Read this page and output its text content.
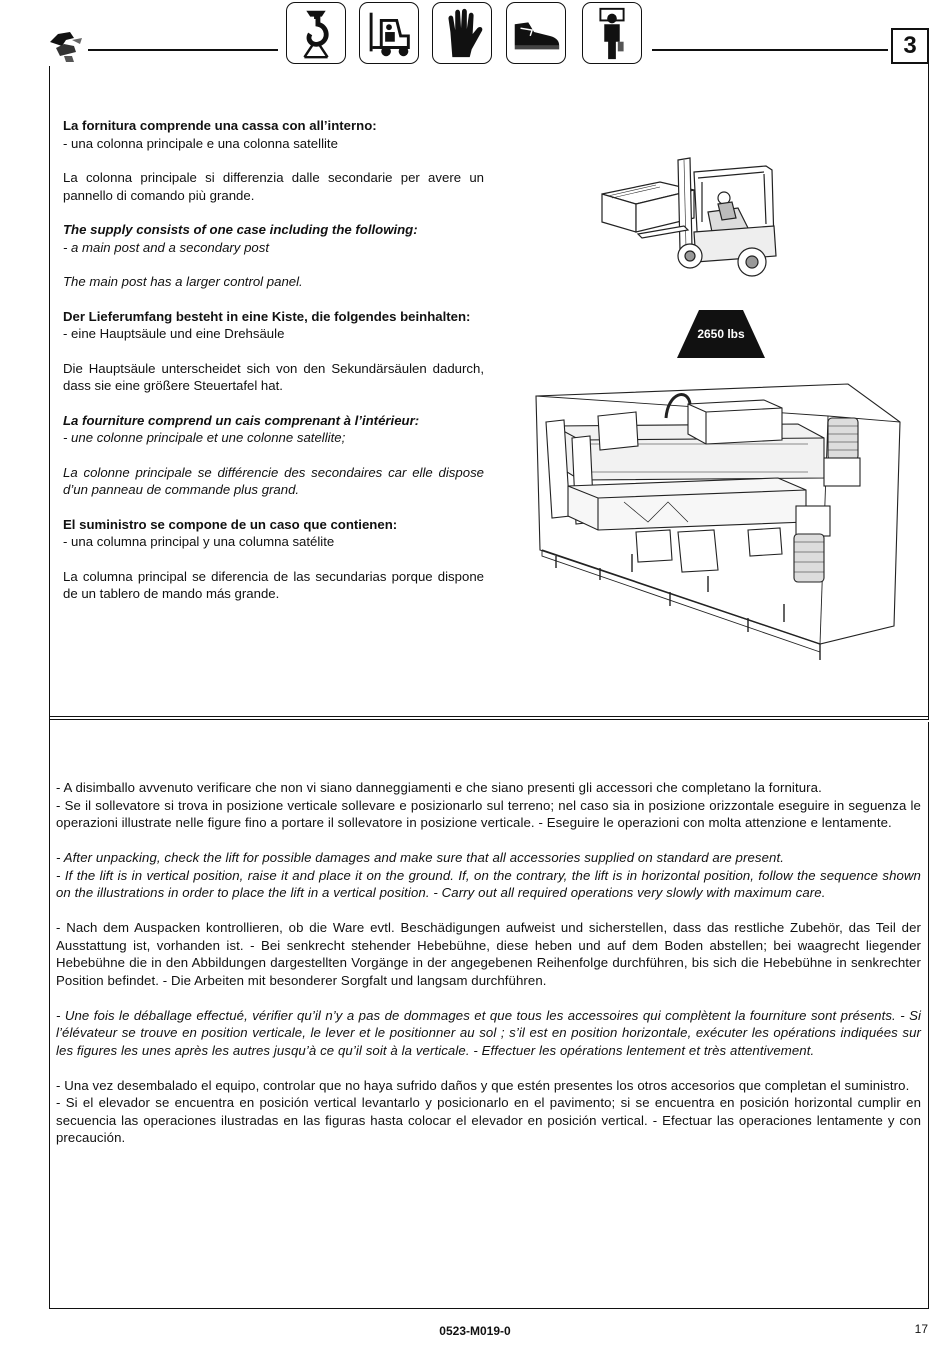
3

La fornitura comprende una cassa con all’interno:
- una colonna principale e una colonna satellite

La colonna principale si differenzia dalle secondarie per avere un pannello di comando più grande.

The supply consists of one case including the following:
- a main post and a secondary post

The main post has a larger control panel.

Der Lieferumfang besteht in eine Kiste, die folgendes beinhalten:
- eine Hauptsäule und eine Drehsäule

Die Hauptsäule unterscheidet sich von den Sekundärsäulen dadurch, dass sie eine größere Steuertafel hat.

La fourniture comprend un cais comprenant à l’intérieur:
- une colonne principale et une colonne satellite;

La colonne principale se différencie des secondaires car elle dispose d’un panneau de commande plus grand.

El suministro se compone de un caso que contienen:
- una columna principal y una columna satélite

La columna principal se diferencia de las secundarias porque dispone de un tablero de mando más grande.

2650 lbs

- A disimballo avvenuto verificare che non vi siano danneggiamenti e che siano presenti gli accessori che completano la fornitura.
- Se il sollevatore si trova in posizione verticale sollevare e posizionarlo sul terreno; nel caso sia in posizione orizzontale eseguire in seguenza le operazioni illustrate nelle figure fino a portare il sollevatore in posizione verticale. - Eseguire le operazioni con molta attenzione e lentamente.

- After unpacking, check the lift for possible damages and make sure that all accessories supplied on standard are present.
- If the lift is in vertical position, raise it and place it on the ground. If, on the contrary, the lift is in horizontal position, follow the sequence shown on the illustrations in order to place the lift in a vertical position. - Carry out all required operations very slowly with maximum care.

- Nach dem Auspacken kontrollieren, ob die Ware evtl. Beschädigungen aufweist und sicherstellen, dass das restliche Zubehör, das Teil der Ausstattung ist, vorhanden ist. - Bei senkrecht stehender Hebebühne, diese heben und auf dem Boden abstellen; bei waagrecht liegender Hebebühne die in den Abbildungen dargestellten Vorgänge in der angegebenen Reihenfolge durchführen, bis sich die Hebebühne in senkrechter Position befindet. - Die Arbeiten mit besonderer Sorgfalt und langsam durchführen.

- Une fois le déballage effectué, vérifier qu’il n’y a pas de dommages et que tous les accessoires qui complètent la fourniture sont présents. - Si l’élévateur se trouve en position verticale, le lever et le positionner au sol ; s’il est en position horizontale, exécuter les opérations indiquées sur les figures les unes après les autres jusqu’à ce qu’il soit à la verticale. - Effectuer les opérations lentement et très attentivement.

- Una vez desembalado el equipo, controlar que no haya sufrido daños y que estén presentes los otros accesorios que completan el suministro.
- Si el elevador se encuentra en posición vertical levantarlo y posicionarlo en el pavimento; si se encuentra en posición horizontal cumplir en secuencia las operaciones ilustradas en las figuras hasta colocar el elevador en posición vertical. - Efectuar las operaciones lentamente y con precaución.

0523-M019-0	17
